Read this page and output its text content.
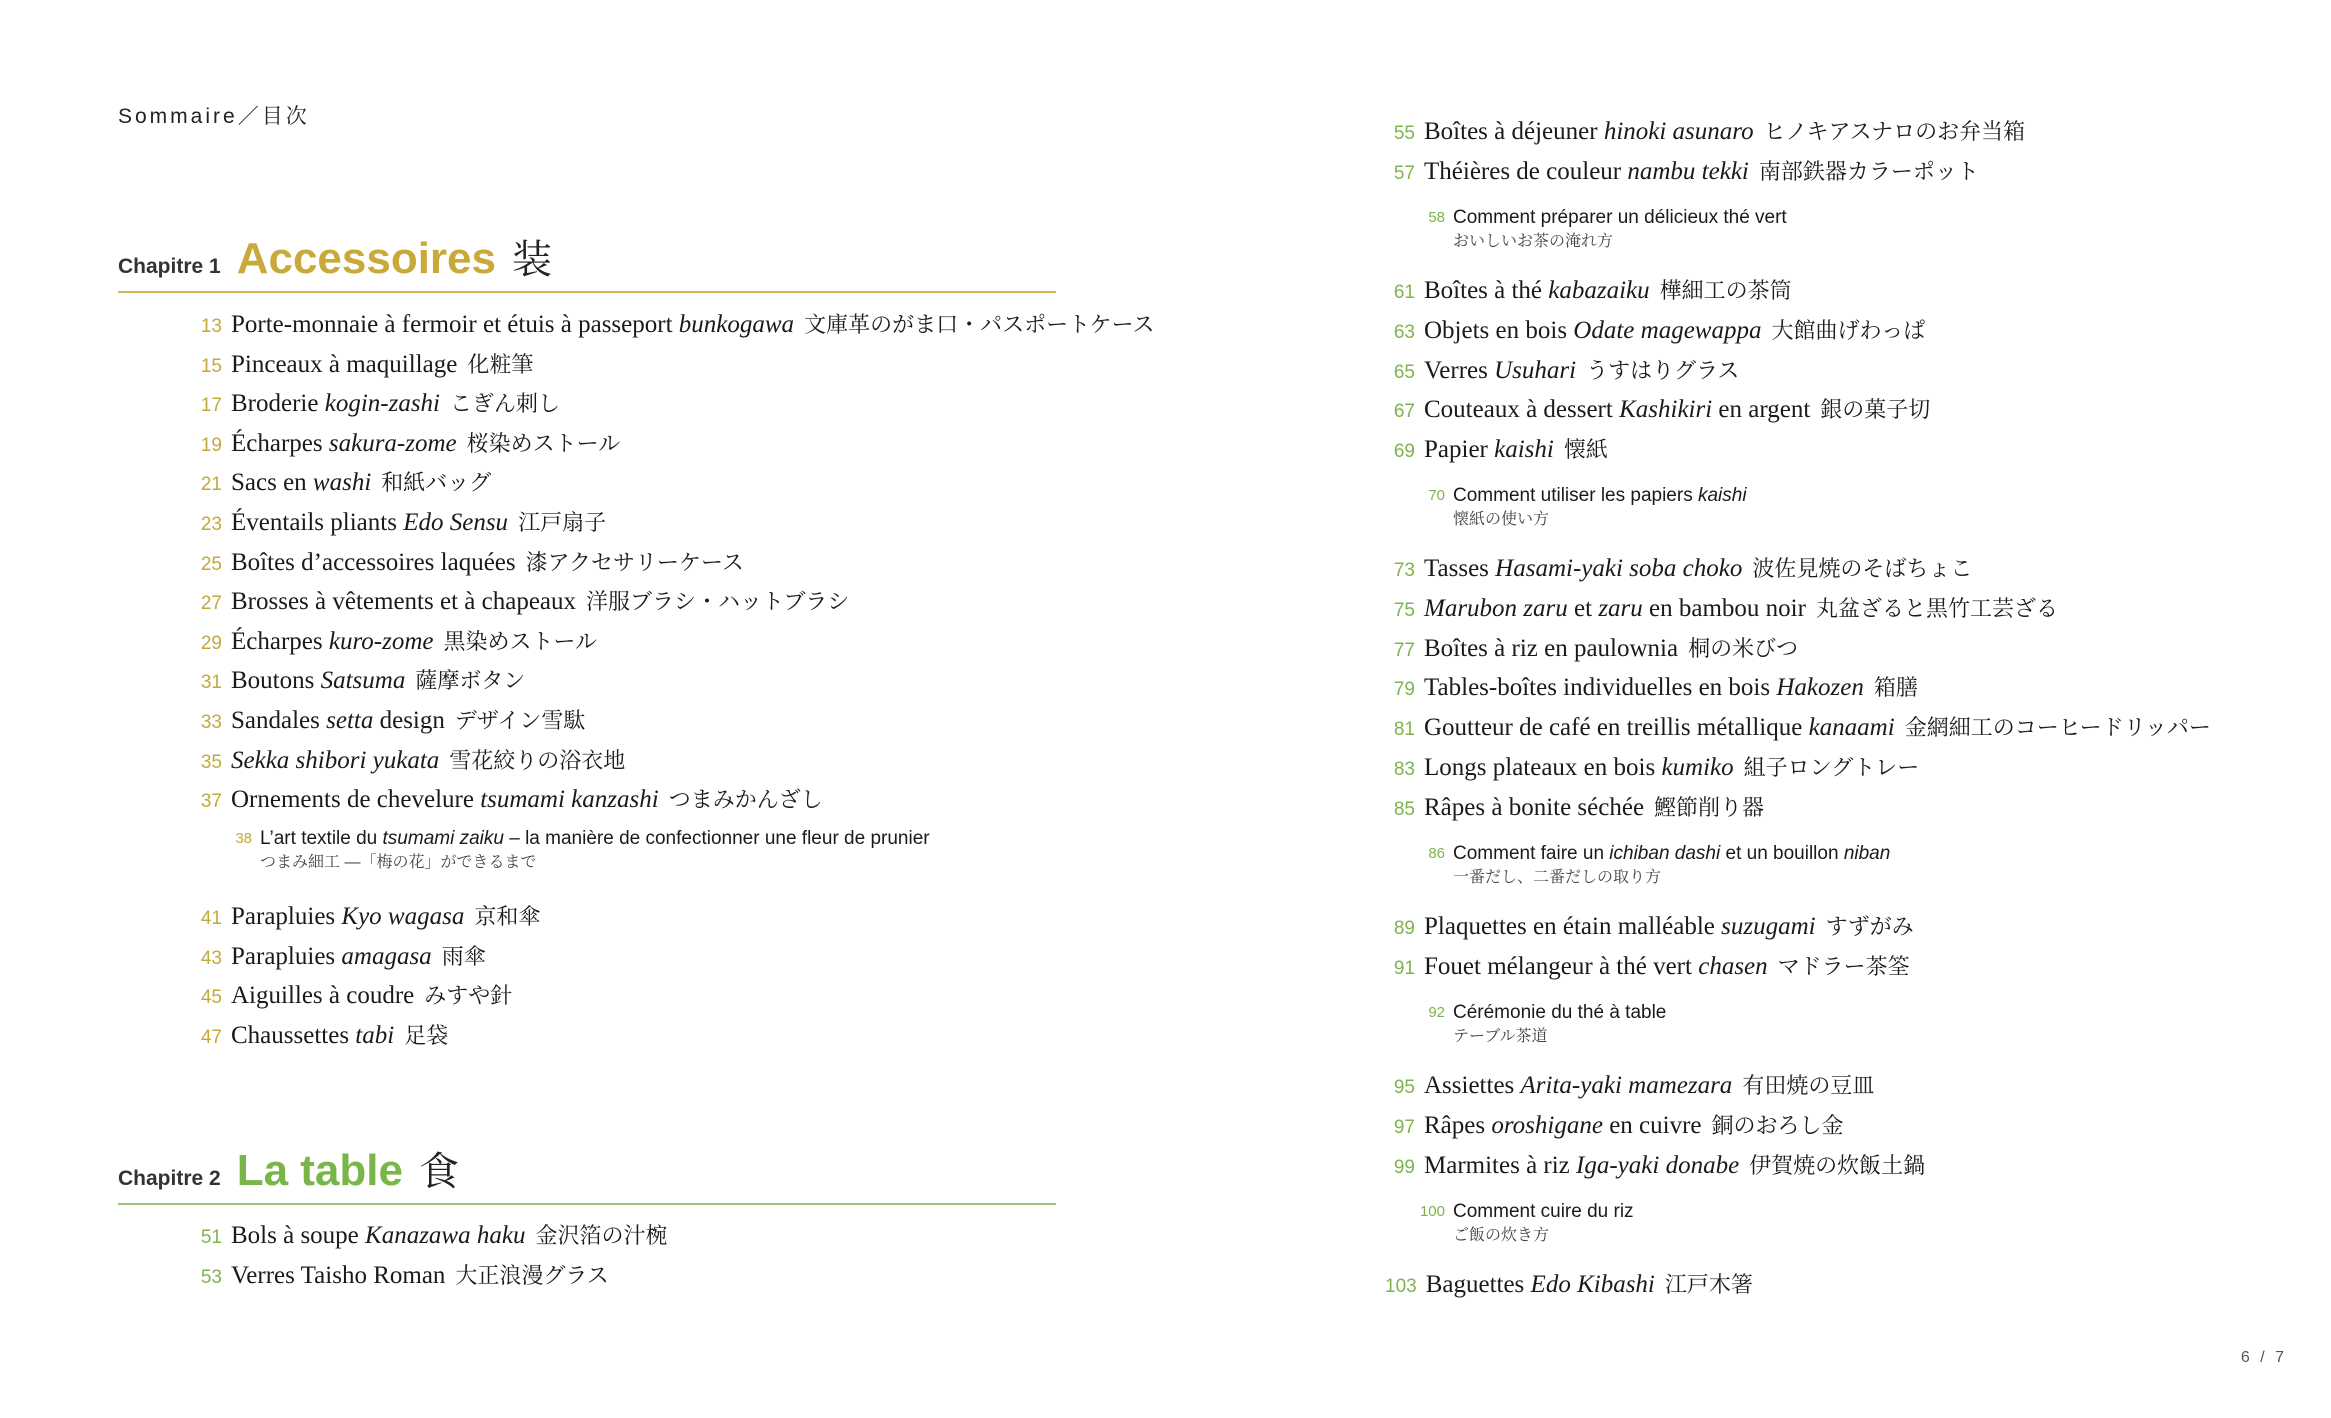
Sommaire／目次
Chapitre 1 Accessoires 装
13 Porte-monnaie à fermoir et étuis à passeport bunkogawa 文庫革のがま口・パスポートケース
15 Pinceaux à maquillage 化粧筆
17 Broderie kogin-zashi こぎん刺し
19 Écharpes sakura-zome 桜染めストール
21 Sacs en washi 和紙バッグ
23 Éventails pliants Edo Sensu 江戸扇子
25 Boîtes d’accessoires laquées 漆アクセサリーケース
27 Brosses à vêtements et à chapeaux 洋服ブラシ・ハットブラシ
29 Écharpes kuro-zome 黒染めストール
31 Boutons Satsuma 薩摩ボタン
33 Sandales setta design デザイン雪駄
35 Sekka shibori yukata 雪花絞りの浴衣地
37 Ornements de chevelure tsumami kanzashi つまみかんざし
38 L’art textile du tsumami zaiku – la manière de confectionner une fleur de prunier
つまみ細工 ―「梅の花」ができるまで
41 Parapluies Kyo wagasa 京和傘
43 Parapluies amagasa 雨傘
45 Aiguilles à coudre みすや針
47 Chaussettes tabi 足袋
Chapitre 2 La table 食
51 Bols à soupe Kanazawa haku 金沢箔の汁椀
53 Verres Taisho Roman 大正浪漫グラス
55 Boîtes à déjeuner hinoki asunaro ヒノキアスナロのお弁当箱
57 Théières de couleur nambu tekki 南部鉄器カラーポット
58 Comment préparer un délicieux thé vert
おいしいお茶の淹れ方
61 Boîtes à thé kabazaiku 樺細工の茶筒
63 Objets en bois Odate magewappa 大館曲げわっぱ
65 Verres Usuhari うすはりグラス
67 Couteaux à dessert Kashikiri en argent 銀の菓子切
69 Papier kaishi 懐紙
70 Comment utiliser les papiers kaishi
懐紙の使い方
73 Tasses Hasami-yaki soba choko 波佐見焼のそばちょこ
75 Marubon zaru et zaru en bambou noir 丸盆ざると黒竹工芸ざる
77 Boîtes à riz en paulownia 桐の米びつ
79 Tables-boîtes individuelles en bois Hakozen 箱膳
81 Goutteur de café en treillis métallique kanaami 金網細工のコーヒードリッパー
83 Longs plateaux en bois kumiko 組子ロングトレー
85 Râpes à bonite séchée 鰹節削り器
86 Comment faire un ichiban dashi et un bouillon niban
一番だし、二番だしの取り方
89 Plaquettes en étain malléable suzugami すずがみ
91 Fouet mélangeur à thé vert chasen マドラー茶筌
92 Cérémonie du thé à table
テーブル茶道
95 Assiettes Arita-yaki mamezara 有田焼の豆皿
97 Râpes oroshigane en cuivre 銅のおろし金
99 Marmites à riz Iga-yaki donabe 伊賀焼の炊飯土鍋
100 Comment cuire du riz
ご飯の炊き方
103 Baguettes Edo Kibashi 江戸木箸
6 / 7
